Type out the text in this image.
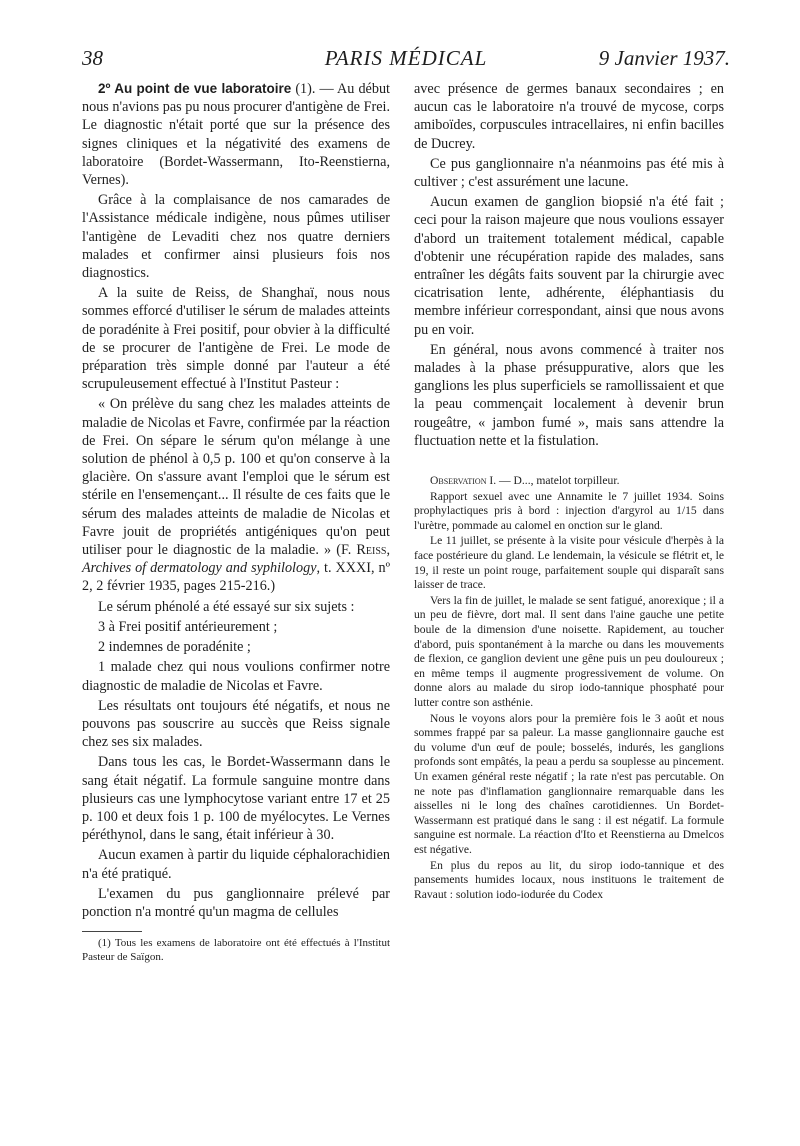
38	PARIS MÉDICAL	9 Janvier 1937.

2º Au point de vue laboratoire (1). — Au début nous n'avions pas pu nous procurer d'antigène de Frei. Le diagnostic n'était porté que sur la présence des signes cliniques et la négativité des examens de laboratoire (Bordet-Wassermann, Ito-Reenstierna, Vernes).

Grâce à la complaisance de nos camarades de l'Assistance médicale indigène, nous pûmes utiliser l'antigène de Levaditi chez nos quatre derniers malades et confirmer ainsi plusieurs fois nos diagnostics.

A la suite de Reiss, de Shanghaï, nous nous sommes efforcé d'utiliser le sérum de malades atteints de poradénite à Frei positif, pour obvier à la difficulté de se procurer de l'antigène de Frei. Le mode de préparation très simple donné par l'auteur a été scrupuleusement effectué à l'Institut Pasteur :

« On prélève du sang chez les malades atteints de maladie de Nicolas et Favre, confirmée par la réaction de Frei. On sépare le sérum qu'on mélange à une solution de phénol à 0,5 p. 100 et qu'on conserve à la glacière. On s'assure avant l'emploi que le sérum est stérile en l'ensemençant... Il résulte de ces faits que le sérum des malades atteints de maladie de Nicolas et Favre jouit de propriétés antigéniques qu'on peut utiliser pour le diagnostic de la maladie. » (F. Reiss, Archives of dermatology and syphilology, t. XXXI, nº 2, 2 février 1935, pages 215-216.)

Le sérum phénolé a été essayé sur six sujets :

3 à Frei positif antérieurement ;

2 indemnes de poradénite ;

1 malade chez qui nous voulions confirmer notre diagnostic de maladie de Nicolas et Favre.

Les résultats ont toujours été négatifs, et nous ne pouvons pas souscrire au succès que Reiss signale chez ses six malades.

Dans tous les cas, le Bordet-Wassermann dans le sang était négatif. La formule sanguine montre dans plusieurs cas une lymphocytose variant entre 17 et 25 p. 100 et deux fois 1 p. 100 de myélocytes. Le Vernes péréthynol, dans le sang, était inférieur à 30.

Aucun examen à partir du liquide céphalorachidien n'a été pratiqué.

L'examen du pus ganglionnaire prélevé par ponction n'a montré qu'un magma de cellules

(1) Tous les examens de laboratoire ont été effectués à l'Institut Pasteur de Saïgon.

avec présence de germes banaux secondaires ; en aucun cas le laboratoire n'a trouvé de mycose, corps amiboïdes, corpuscules intracellaires, ni enfin bacilles de Ducrey.

Ce pus ganglionnaire n'a néanmoins pas été mis à cultiver ; c'est assurément une lacune.

Aucun examen de ganglion biopsié n'a été fait ; ceci pour la raison majeure que nous voulions essayer d'abord un traitement totalement médical, capable d'obtenir une récupération rapide des malades, sans entraîner les dégâts faits souvent par la chirurgie avec cicatrisation lente, adhérente, éléphantiasis du membre inférieur correspondant, ainsi que nous avons pu en voir.

En général, nous avons commencé à traiter nos malades à la phase présuppurative, alors que les ganglions les plus superficiels se ramollissaient et que la peau commençait localement à devenir brun rougeâtre, « jambon fumé », mais sans attendre la fluctuation nette et la fistulation.

Observation I. — D..., matelot torpilleur.

Rapport sexuel avec une Annamite le 7 juillet 1934. Soins prophylactiques pris à bord : injection d'argyrol au 1/15 dans l'urètre, pommade au calomel en onction sur le gland.

Le 11 juillet, se présente à la visite pour vésicule d'herpès à la face postérieure du gland. Le lendemain, la vésicule se flétrit et, le 19, il reste un point rouge, parfaitement souple qui disparaît sans laisser de trace.

Vers la fin de juillet, le malade se sent fatigué, anorexique ; il a un peu de fièvre, dort mal. Il sent dans l'aine gauche une petite boule de la dimension d'une noisette. Rapidement, au toucher d'abord, puis spontanément à la marche ou dans les mouvements de flexion, ce ganglion devient une gêne puis un peu douloureux ; en même temps il augmente progressivement de volume. On donne alors au malade du sirop iodo-tannique phosphaté pour lutter contre son asthénie.

Nous le voyons alors pour la première fois le 3 août et nous sommes frappé par sa paleur. La masse ganglionnaire gauche est du volume d'un œuf de poule; bosselés, indurés, les ganglions profonds sont empâtés, la peau a perdu sa souplesse au pincement. Un examen général reste négatif ; la rate n'est pas percutable. On ne note pas d'inflamation ganglionnaire remarquable dans les aisselles ni le long des chaînes carotidiennes. Un Bordet-Wassermann est pratiqué dans le sang : il est négatif. La formule sanguine est normale. La réaction d'Ito et Reenstierna au Dmelcos est négative.

En plus du repos au lit, du sirop iodo-tannique et des pansements humides locaux, nous instituons le traitement de Ravaut : solution iodo-iodurée du Codex
